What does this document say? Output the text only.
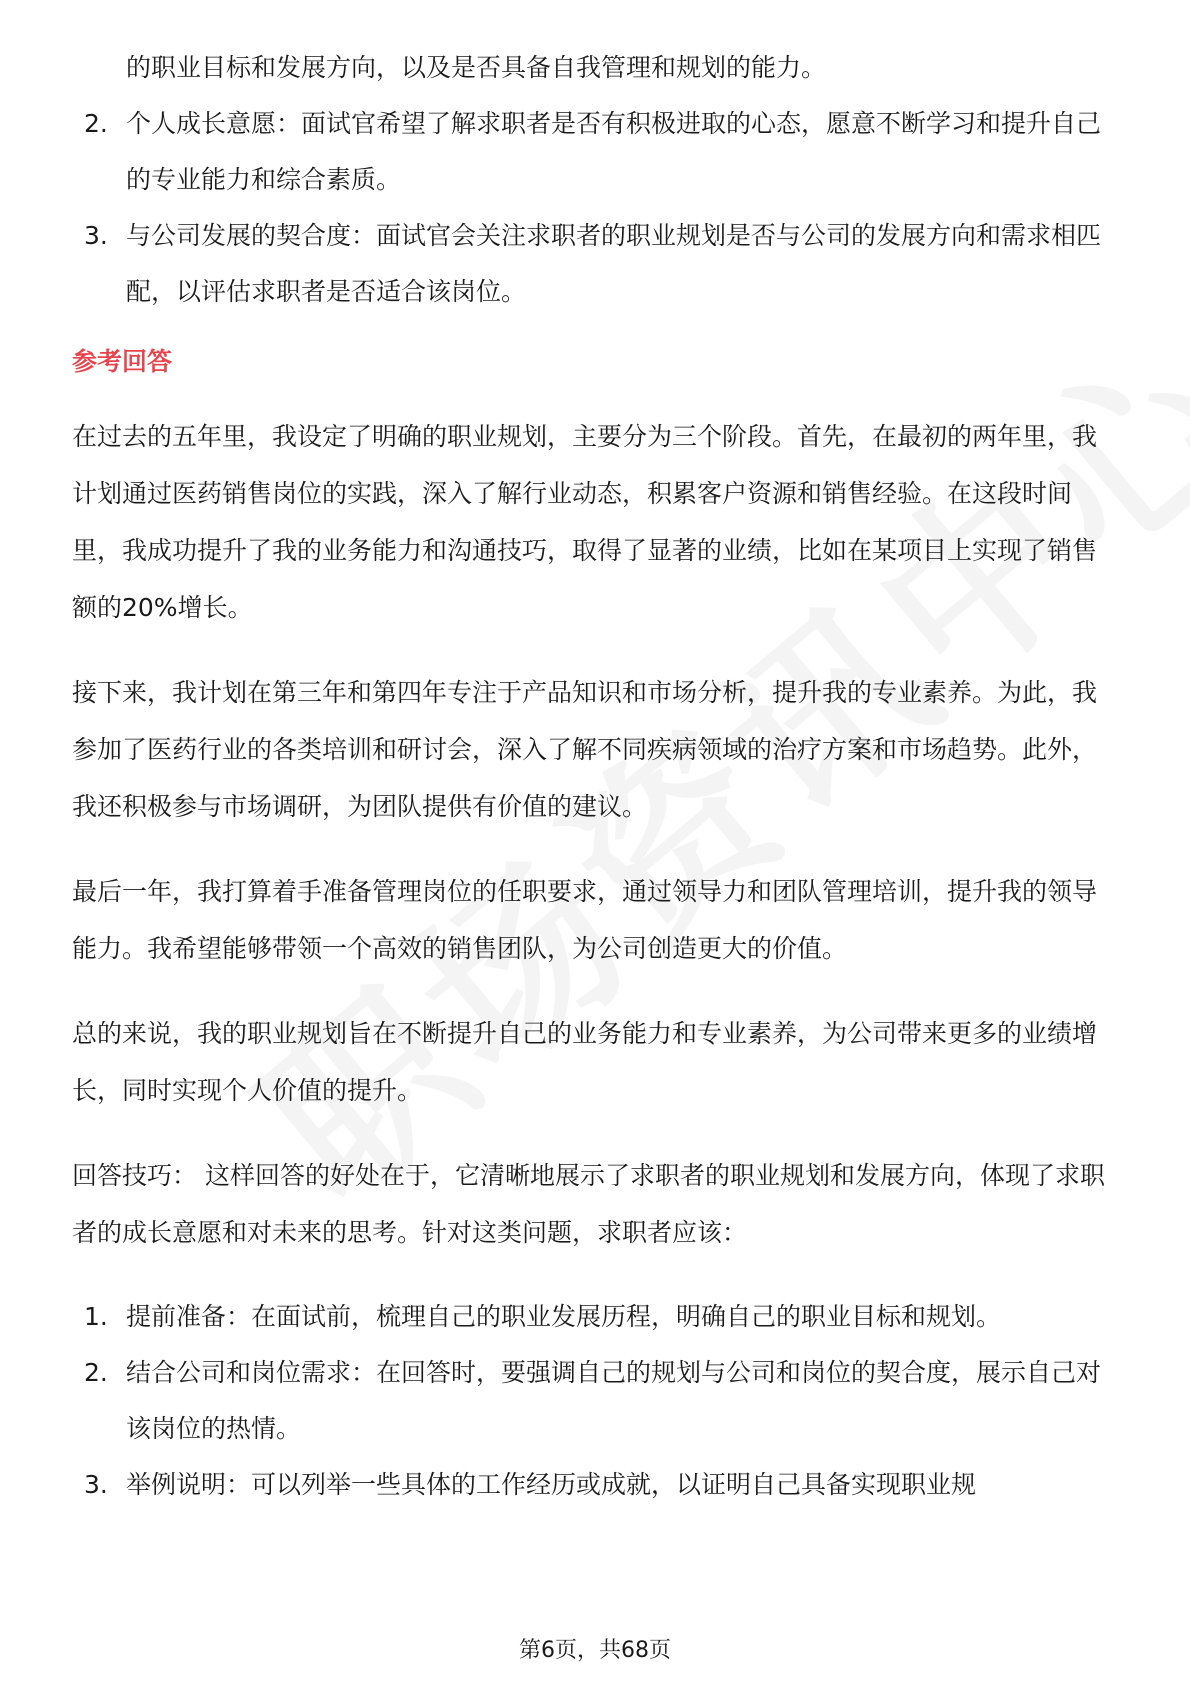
的职业目标和发展方向，以及是否具备自我管理和规划的能力。

2. 个人成长意愿：面试官希望了解求职者是否有积极进取的心态，愿意不断学习和提升自己的专业能力和综合素质。
3. 与公司发展的契合度：面试官会关注求职者的职业规划是否与公司的发展方向和需求相匹配，以评估求职者是否适合该岗位。
参考回答

在过去的五年里，我设定了明确的职业规划，主要分为三个阶段。首先，在最初的两年里，我计划通过医药销售岗位的实践，深入了解行业动态，积累客户资源和销售经验。在这段时间里，我成功提升了我的业务能力和沟通技巧，取得了显著的业绩，比如在某项目上实现了销售额的20%增长。

接下来，我计划在第三年和第四年专注于产品知识和市场分析，提升我的专业素养。为此，我参加了医药行业的各类培训和研讨会，深入了解不同疾病领域的治疗方案和市场趋势。此外，我还积极参与市场调研，为团队提供有价值的建议。

最后一年，我打算着手准备管理岗位的任职要求，通过领导力和团队管理培训，提升我的领导能力。我希望能够带领一个高效的销售团队，为公司创造更大的价值。

总的来说，我的职业规划旨在不断提升自己的业务能力和专业素养，为公司带来更多的业绩增长，同时实现个人价值的提升。

回答技巧： 这样回答的好处在于，它清晰地展示了求职者的职业规划和发展方向，体现了求职者的成长意愿和对未来的思考。针对这类问题，求职者应该：

1. 提前准备：在面试前，梳理自己的职业发展历程，明确自己的职业目标和规划。
2. 结合公司和岗位需求：在回答时，要强调自己的规划与公司和岗位的契合度，展示自己对该岗位的热情。
3. 举例说明：可以列举一些具体的工作经历或成就，以证明自己具备实现职业规
第6页，共68页
